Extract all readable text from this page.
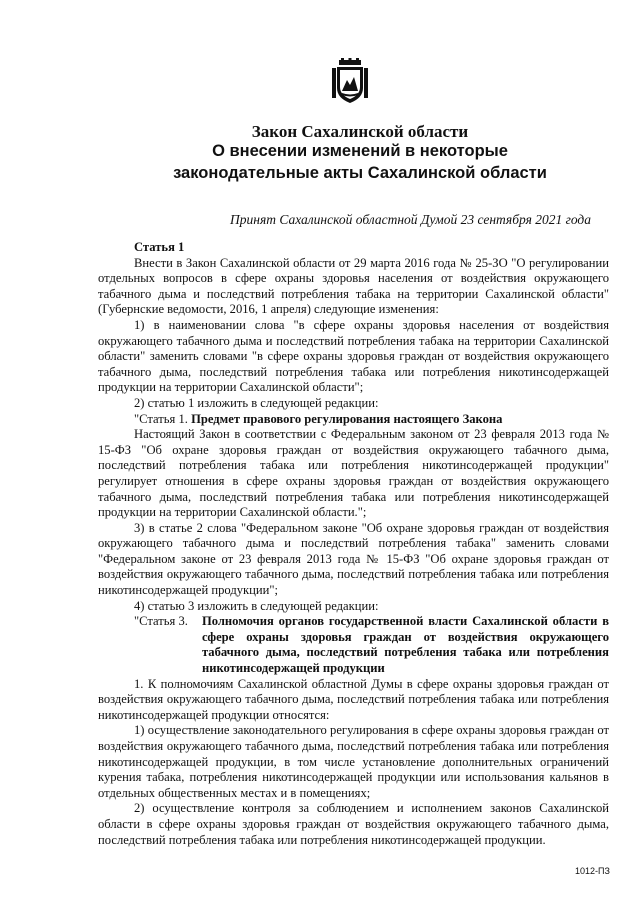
Закон Сахалинской области
О внесении изменений в некоторые
законодательные акты Сахалинской области
Принят Сахалинской областной Думой 23 сентября 2021 года

Статья 1

Внести в Закон Сахалинской области от 29 марта 2016 года № 25-ЗО "О регулировании отдельных вопросов в сфере охраны здоровья населения от воздействия окружающего табачного дыма и последствий потребления табака на территории Сахалинской области" (Губернские ведомости, 2016, 1 апреля) следующие изменения:

1) в наименовании слова "в сфере охраны здоровья населения от воздействия окружающего табачного дыма и последствий потребления табака на территории Сахалинской области" заменить словами "в сфере охраны здоровья граждан от воздействия окружающего табачного дыма, последствий потребления табака или потребления никотинсодержащей продукции на территории Сахалинской области";

2) статью 1 изложить в следующей редакции:

"Статья 1. Предмет правового регулирования настоящего Закона

Настоящий Закон в соответствии с Федеральным законом от 23 февраля 2013 года № 15-ФЗ "Об охране здоровья граждан от воздействия окружающего табачного дыма, последствий потребления табака или потребления никотинсодержащей продукции" регулирует отношения в сфере охраны здоровья граждан от воздействия окружающего табачного дыма, последствий потребления табака или потребления никотинсодержащей продукции на территории Сахалинской области.";

3) в статье 2 слова "Федеральном законе "Об охране здоровья граждан от воздействия окружающего табачного дыма и последствий потребления табака" заменить словами "Федеральном законе от 23 февраля 2013 года № 15-ФЗ "Об охране здоровья граждан от воздействия окружающего табачного дыма, последствий потребления табака или потребления никотинсодержащей продукции";

4) статью 3 изложить в следующей редакции:

"Статья 3.	Полномочия органов государственной власти Сахалинской области в сфере охраны здоровья граждан от воздействия окружающего табачного дыма, последствий потребления табака или потребления никотинсодержащей продукции

1. К полномочиям Сахалинской областной Думы в сфере охраны здоровья граждан от воздействия окружающего табачного дыма, последствий потребления табака или потребления никотинсодержащей продукции относятся:

1) осуществление законодательного регулирования в сфере охраны здоровья граждан от воздействия окружающего табачного дыма, последствий потребления табака или потребления никотинсодержащей продукции, в том числе установление дополнительных ограничений курения табака, потребления никотинсодержащей продукции или использования кальянов в отдельных общественных местах и в помещениях;

2) осуществление контроля за соблюдением и исполнением законов Сахалинской области в сфере охраны здоровья граждан от воздействия окружающего табачного дыма, последствий потребления табака или потребления никотинсодержащей продукции.

1012-ПЗ
